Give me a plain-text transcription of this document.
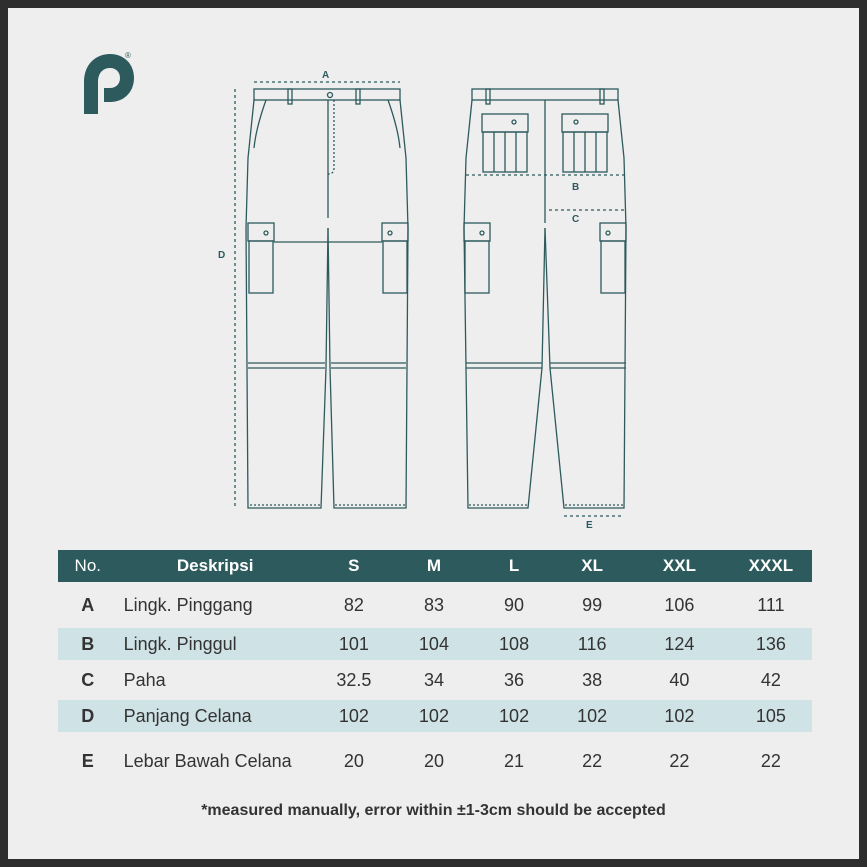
®
A
D
B
C
E
No.	Deskripsi	S	M	L	XL	XXL	XXXL
A	Lingk. Pinggang	82	83	90	99	106	111
B	Lingk. Pinggul	101	104	108	116	124	136
C	Paha	32.5	34	36	38	40	42
D	Panjang Celana	102	102	102	102	102	105
E	Lebar Bawah Celana	20	20	21	22	22	22
*measured manually, error within ±1-3cm should be accepted
